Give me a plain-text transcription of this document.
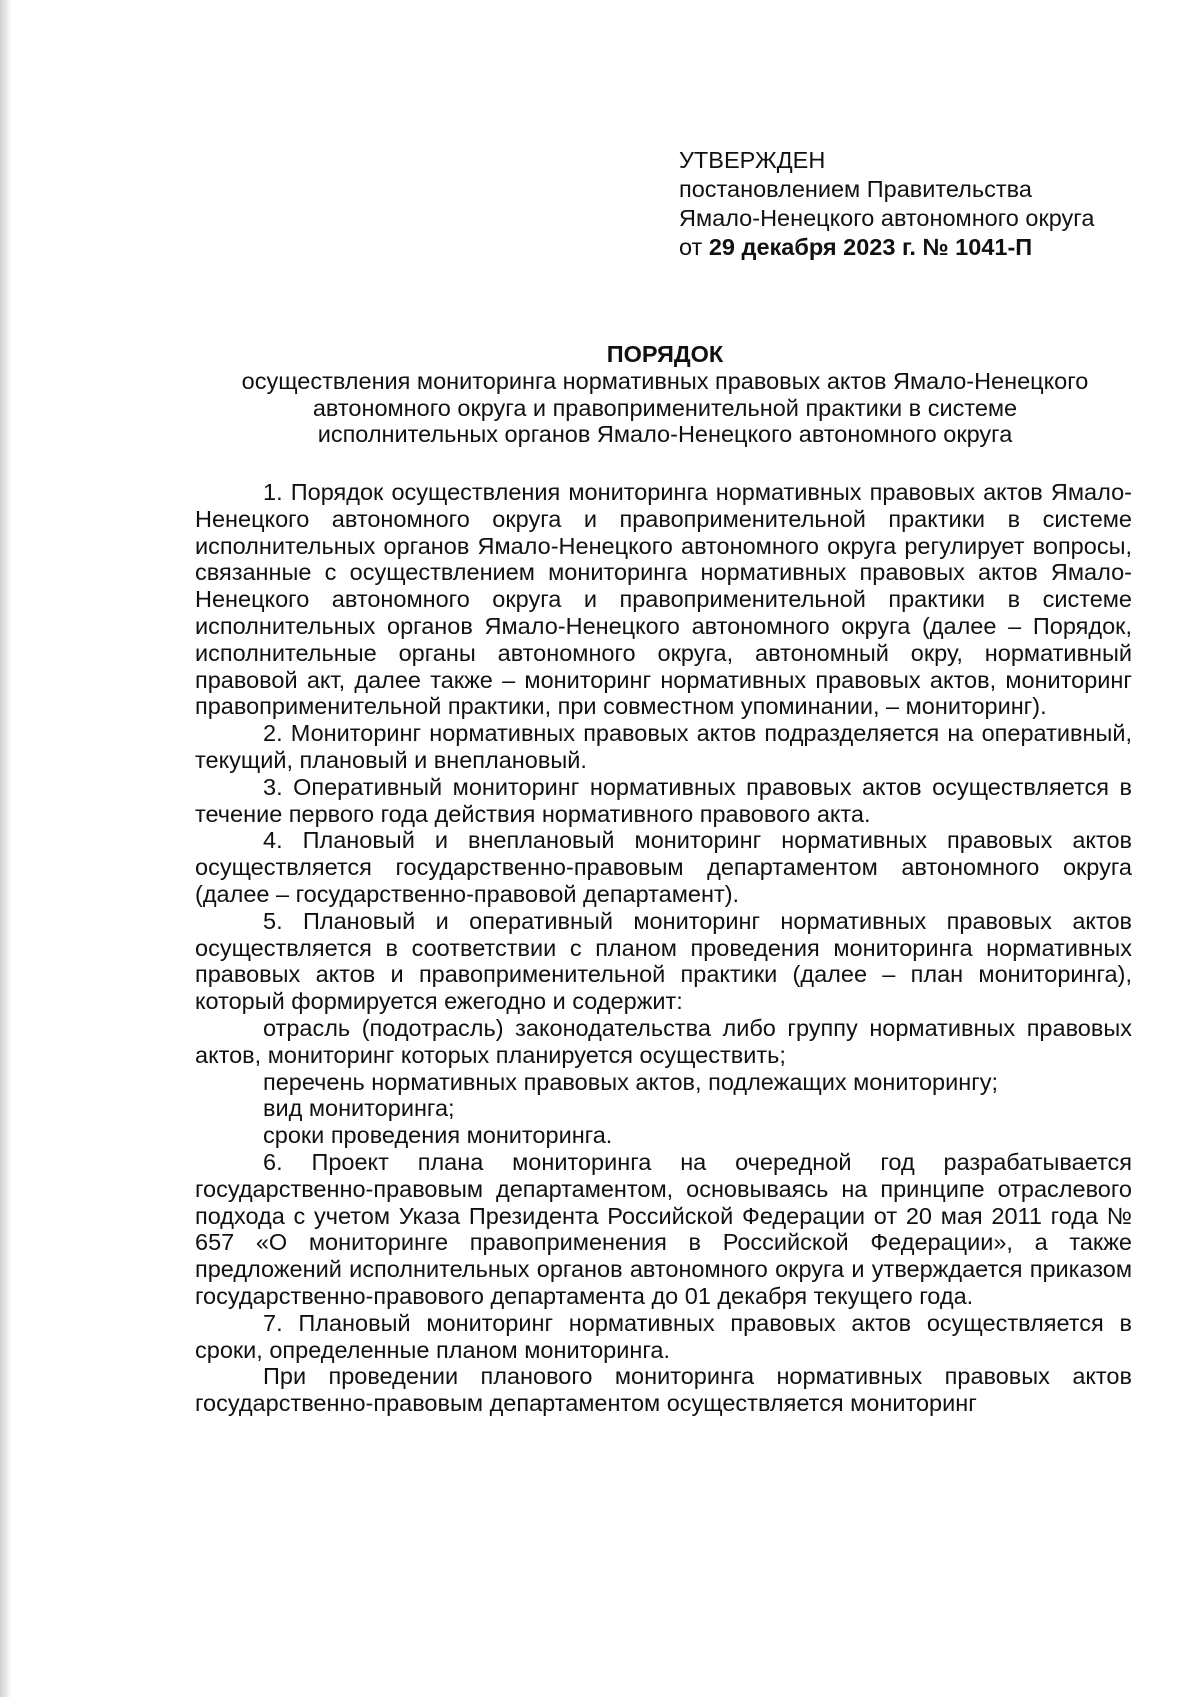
УТВЕРЖДЕН

постановлением Правительства

Ямало-Ненецкого автономного округа

от 29 декабря 2023 г. № 1041-П

ПОРЯДОК

осуществления мониторинга нормативных правовых актов Ямало-Ненецкого

автономного округа и правоприменительной практики в системе

исполнительных органов Ямало-Ненецкого автономного округа

1. Порядок осуществления мониторинга нормативных правовых актов Ямало-Ненецкого автономного округа и правоприменительной практики в системе исполнительных органов Ямало-Ненецкого автономного округа регулирует вопросы, связанные с осуществлением мониторинга нормативных правовых актов Ямало-Ненецкого автономного округа и правоприменительной практики в системе исполнительных органов Ямало-Ненецкого автономного округа (далее – Порядок, исполнительные органы автономного округа, автономный окру, нормативный правовой акт, далее также – мониторинг нормативных правовых актов, мониторинг правоприменительной практики, при совместном упоминании, – мониторинг).

2. Мониторинг нормативных правовых актов подразделяется на оперативный, текущий, плановый и внеплановый.

3. Оперативный мониторинг нормативных правовых актов осуществляется в течение первого года действия нормативного правового акта.

4. Плановый и внеплановый мониторинг нормативных правовых актов осуществляется государственно-правовым департаментом автономного округа (далее – государственно-правовой департамент).

5. Плановый и оперативный мониторинг нормативных правовых актов осуществляется в соответствии с планом проведения мониторинга нормативных правовых актов и правоприменительной практики (далее – план мониторинга), который формируется ежегодно и содержит:

отрасль (подотрасль) законодательства либо группу нормативных правовых актов, мониторинг которых планируется осуществить;

перечень нормативных правовых актов, подлежащих мониторингу;

вид мониторинга;

сроки проведения мониторинга.

6. Проект плана мониторинга на очередной год разрабатывается государственно-правовым департаментом, основываясь на принципе отраслевого подхода с учетом Указа Президента Российской Федерации от 20 мая 2011 года № 657 «О мониторинге правоприменения в Российской Федерации», а также предложений исполнительных органов автономного округа и утверждается приказом государственно-правового департамента до 01 декабря текущего года.

7. Плановый мониторинг нормативных правовых актов осуществляется в сроки, определенные планом мониторинга.

При проведении планового мониторинга нормативных правовых актов государственно-правовым департаментом осуществляется мониторинг
